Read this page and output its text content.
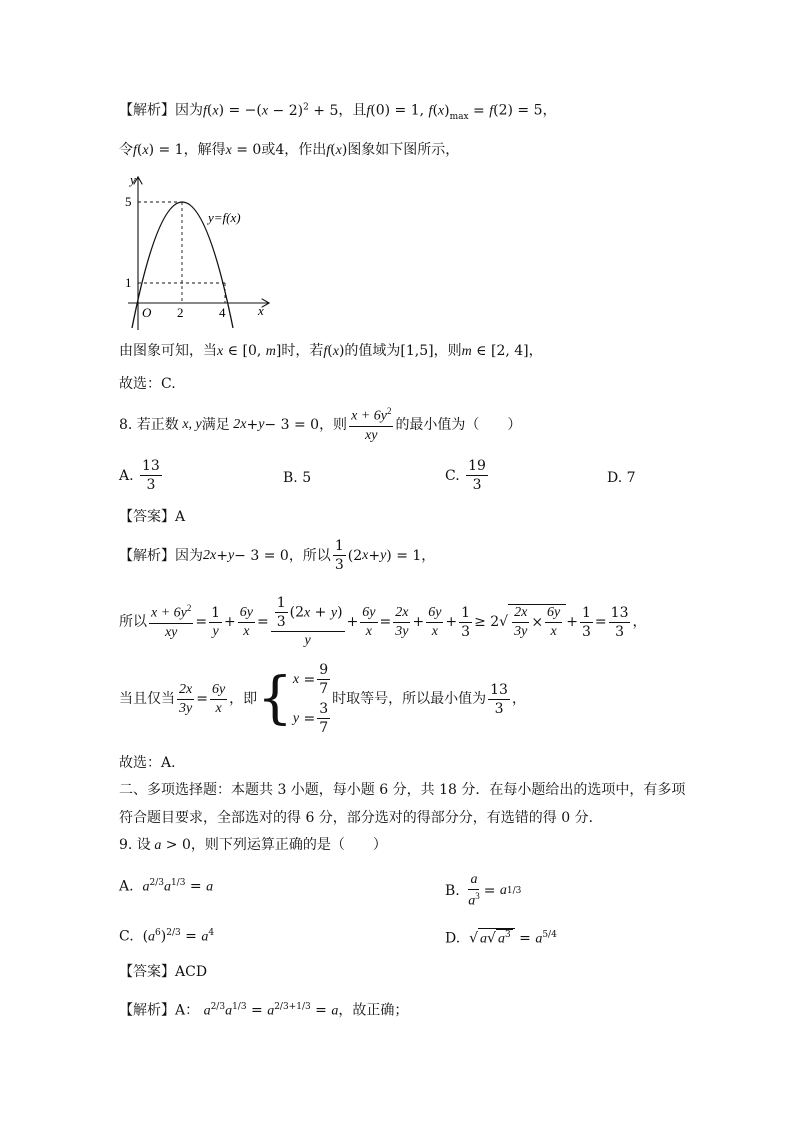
【解析】因为$f(x) = -(x - 2)^2 + 5$，且f(0) = 1, $f(x)_{max} = f(2) = 5$，
令f(x) = 1，解得x = 0或4，作出f(x)图象如下图所示，
y
x
O 2	4
1
5
y=f(x)
由图象可知，当x ∈ [0, m]时，若f(x)的值域为[1,5]，则m ∈ [2, 4]，
故选：C.
8. 若正数 x, y 满足 2x + y − 3 = 0 ，则 $\frac{x + 6y^2}{xy}$ 的最小值为（　　）
A.
$\frac{13}{3}$	B. 5	C.
$\frac{19}{3}$	D. 7
【答案】A
【解析】因为 2x + y − 3 = 0 ，所以 $\frac{1}{3} (2$ x + y ) = 1 ，
所以 $\frac{x + 6y^2}{xy} = \frac{1}{y} + \frac{6y}{x} = \frac{\frac{1}{3} (2x + y)}{y} + \frac{6y}{x} = \frac{2x}{3y} + \frac{6y}{x} + \frac{1}{3} \ge 2$ √ $\frac{2x}{3y} \times \frac{6y}{x} + \frac{1}{3} = \frac{13}{3}$ ，
当且仅当 $\frac{2x}{3y} = \frac{6y}{x}$ ，即 { $x = \frac{9}{7}$
$y = \frac{3}{7}$
时取等号，所以最小值为 $\frac{13}{3}$ ，
故选：A.
二、多项选择题：本题共 3 小题，每小题 6 分，共 18 分．在每小题给出的选项中，有多项
符合题目要求，全部选对的得 6 分，部分选对的得部分分，有选错的得 0 分．
9. 设 a > 0，则下列运算正确的是（　　）
A. $a^{2/3}a^{1/3} = a$	B.
$\frac{a}{a^3} = a$ 1/3
C. $(a^6)^{2/3} = a^4$	D. √ a√ $a^3 = a^{5/4}$
【答案】ACD
【解析】A： $a^{2/3}a^{1/3} = a^{2/3+1/3} = a$，故正确；
